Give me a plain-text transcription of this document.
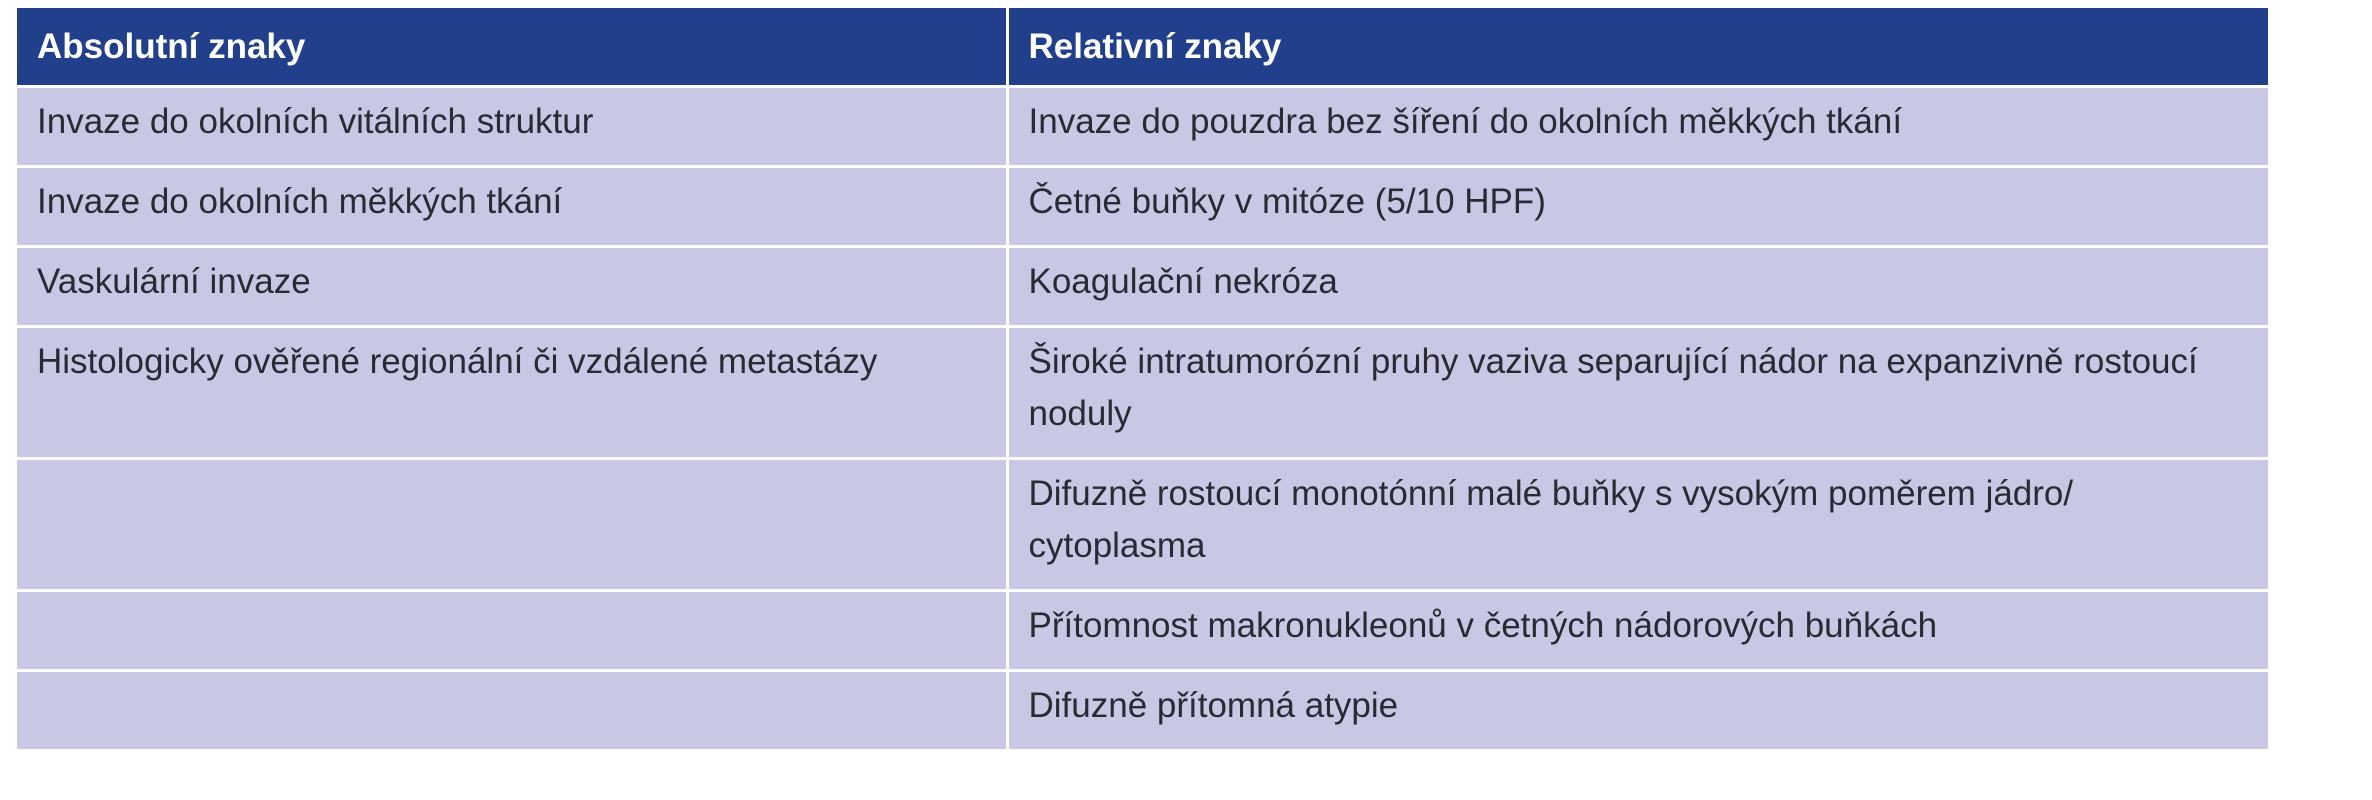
Absolutní znaky	Relativní znaky
Invaze do okolních vitálních struktur	Invaze do pouzdra bez šíření do okolních měkkých tkání
Invaze do okolních měkkých tkání	Četné buňky v mitóze (5/10 HPF)
Vaskulární invaze	Koagulační nekróza
Histologicky ověřené regionální či vzdálené metastázy	Široké intratumorózní pruhy vaziva separující nádor na expanzivně rostoucí noduly
	Difuzně rostoucí monotónní malé buňky s vysokým poměrem jádro/ cytoplasma
	Přítomnost makronukleonů v četných nádorových buňkách
	Difuzně přítomná atypie
